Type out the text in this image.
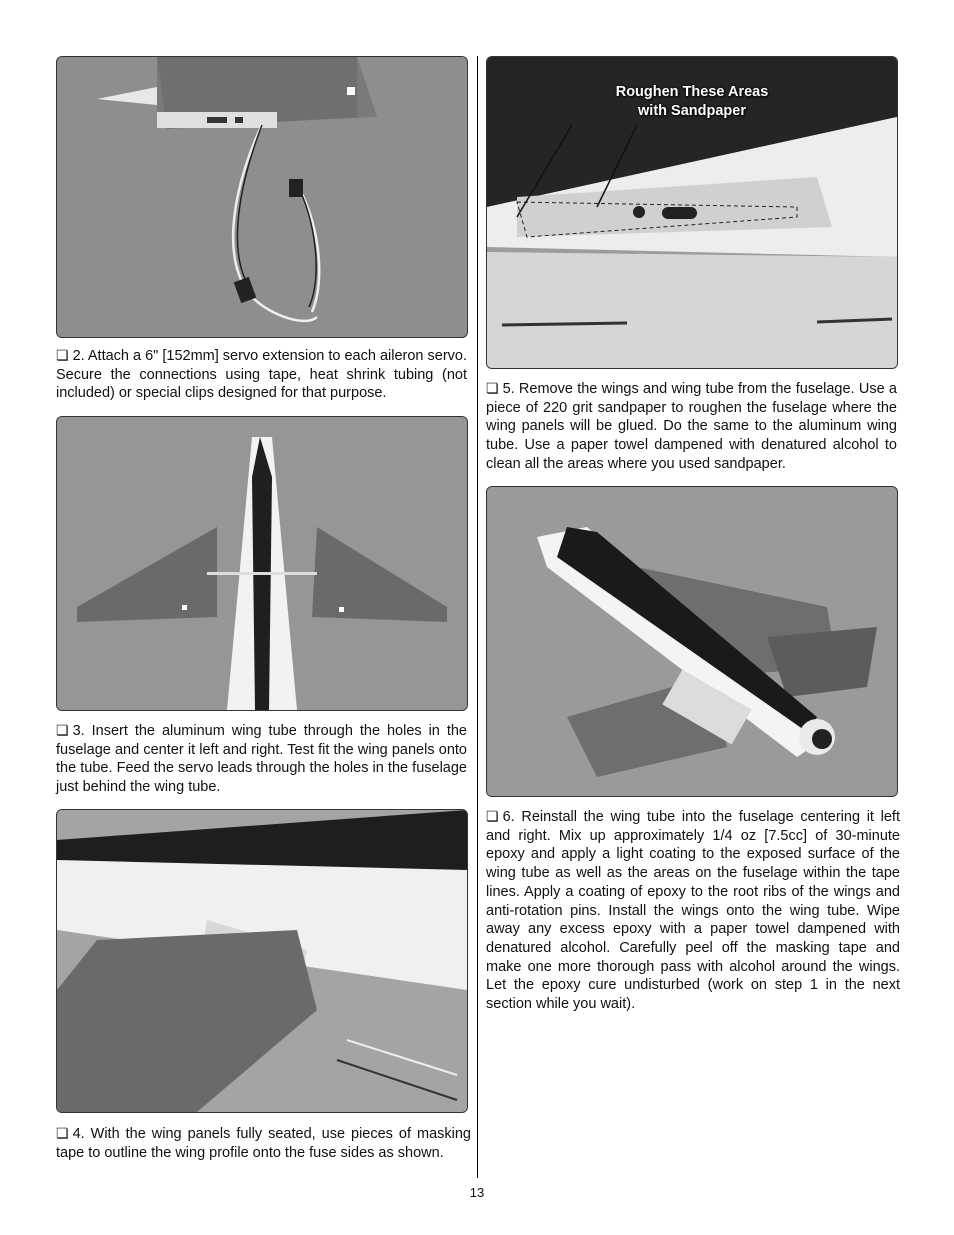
❏ 2. Attach a 6" [152mm] servo extension to each aileron servo. Secure the connections using tape, heat shrink tubing (not included) or special clips designed for that purpose.

❏ 3. Insert the aluminum wing tube through the holes in the fuselage and center it left and right. Test fit the wing panels onto the tube. Feed the servo leads through the holes in the fuselage just behind the wing tube.

❏ 4. With the wing panels fully seated, use pieces of masking tape to outline the wing profile onto the fuse sides as shown.

Roughen These Areas
with Sandpaper

❏ 5. Remove the wings and wing tube from the fuselage. Use a piece of 220 grit sandpaper to roughen the fuselage where the wing panels will be glued. Do the same to the aluminum wing tube. Use a paper towel dampened with denatured alcohol to clean all the areas where you used sandpaper.

❏ 6. Reinstall the wing tube into the fuselage centering it left and right. Mix up approximately 1/4 oz [7.5cc] of 30-minute epoxy and apply a light coating to the exposed surface of the wing tube as well as the areas on the fuselage within the tape lines. Apply a coating of epoxy to the root ribs of the wings and anti-rotation pins. Install the wings onto the wing tube. Wipe away any excess epoxy with a paper towel dampened with denatured alcohol. Carefully peel off the masking tape and make one more thorough pass with alcohol around the wings. Let the epoxy cure undisturbed (work on step 1 in the next section while you wait).

13
